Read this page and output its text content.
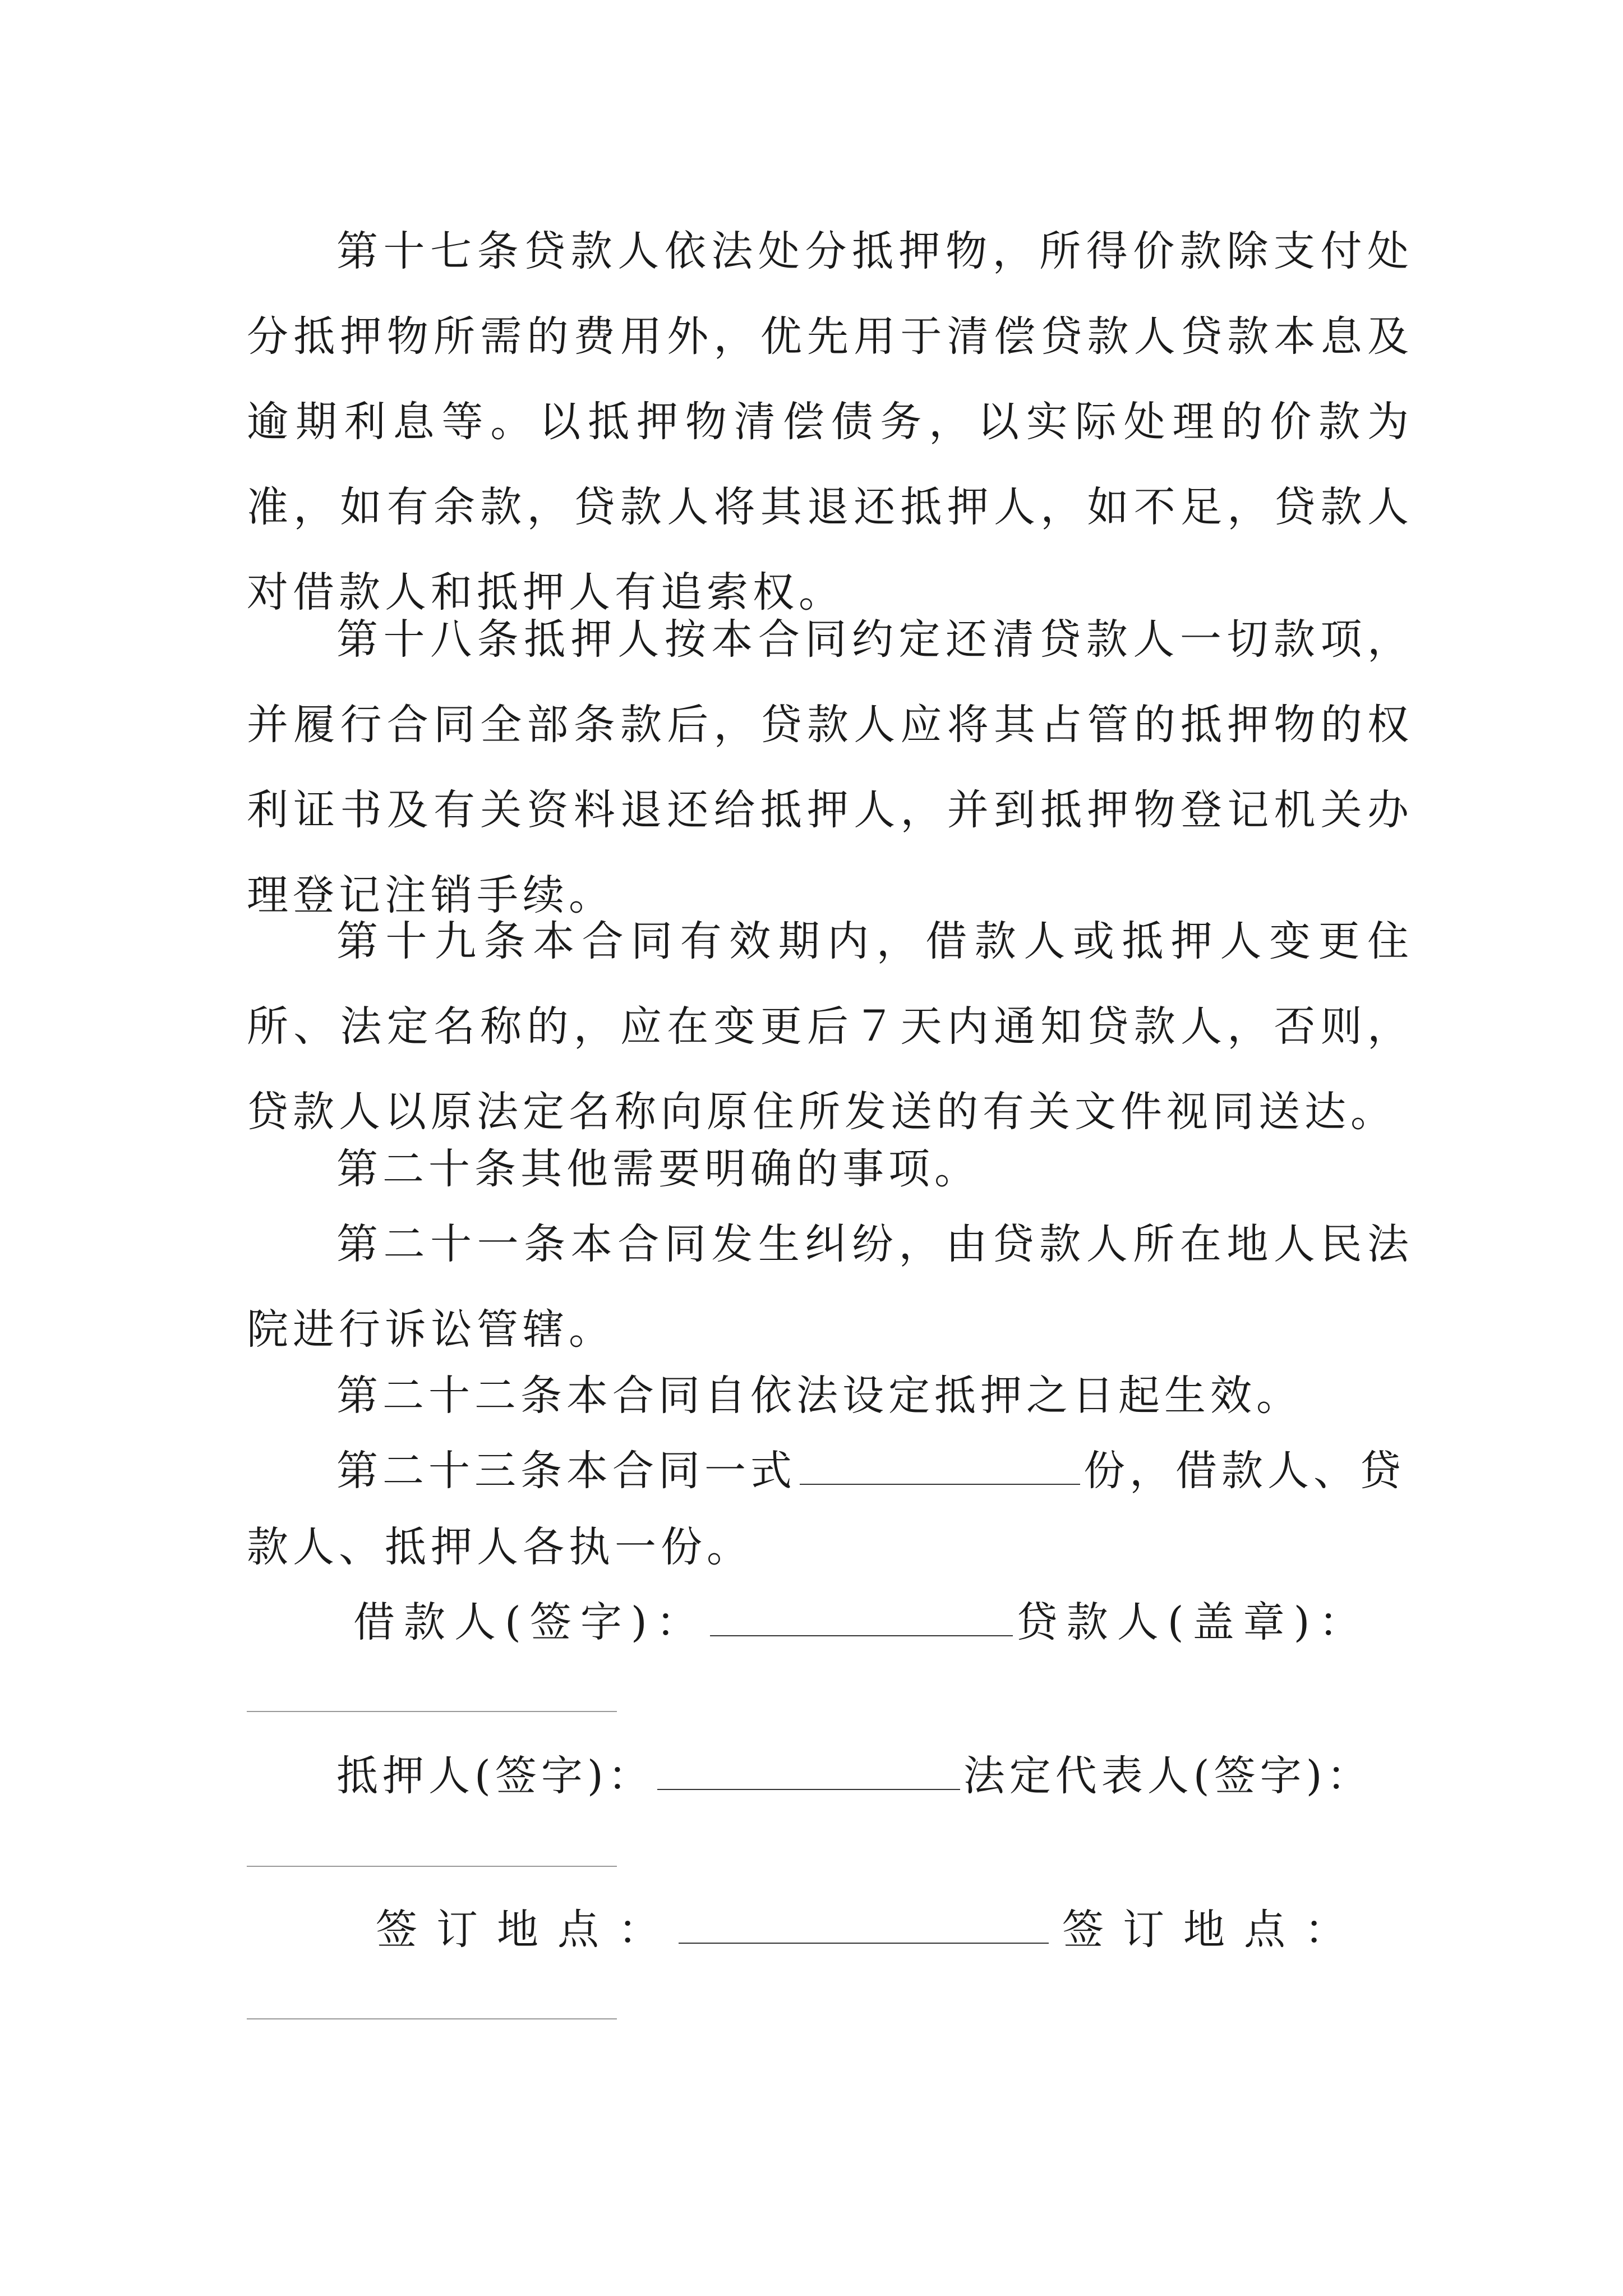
第十七条贷款人依法处分抵押物，所得价款除支付处分抵押物所需的费用外，优先用于清偿贷款人贷款本息及逾期利息等。以抵押物清偿债务，以实际处理的价款为准，如有余款，贷款人将其退还抵押人，如不足，贷款人对借款人和抵押人有追索权。

第十八条抵押人按本合同约定还清贷款人一切款项，并履行合同全部条款后，贷款人应将其占管的抵押物的权利证书及有关资料退还给抵押人，并到抵押物登记机关办理登记注销手续。

第十九条本合同有效期内，借款人或抵押人变更住所、法定名称的，应在变更后７天内通知贷款人，否则，贷款人以原法定名称向原住所发送的有关文件视同送达。

第二十条其他需要明确的事项。

第二十一条本合同发生纠纷，由贷款人所在地人民法院进行诉讼管辖。

第二十二条本合同自依法设定抵押之日起生效。

第二十三条本合同一式	份，借款人、贷
款人、抵押人各执一份。
借款人(签字)：	贷款人(盖章)：
抵押人(签字)：	法定代表人(签字)：
签订地点：	签订地点：
